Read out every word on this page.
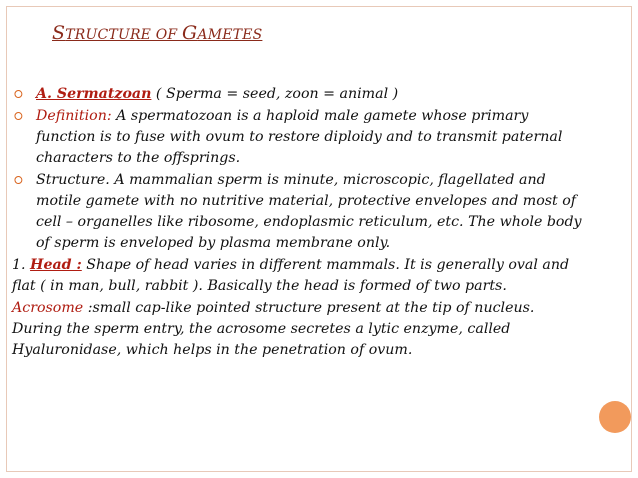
STRUCTURE OF GAMETES
⭘ A. Sermatzoan ( Sperma = seed, zoon = animal )
⭘ Definition: A spermatozoan is a haploid male gamete whose primary function is to fuse with ovum to restore diploidy and to transmit paternal characters to the offsprings.
⭘ Structure. A mammalian sperm is minute, microscopic, flagellated and motile gamete with no nutritive material, protective envelopes and most of cell – organelles like ribosome, endoplasmic reticulum, etc. The whole body of sperm is enveloped by plasma membrane only.
1. Head : Shape of head varies in different mammals. It is generally oval and flat ( in man, bull, rabbit ). Basically the head is formed of two parts.
Acrosome :small cap-like pointed structure present at the tip of nucleus. During the sperm entry, the acrosome secretes a lytic enzyme, called Hyaluronidase, which helps in the penetration of ovum.
